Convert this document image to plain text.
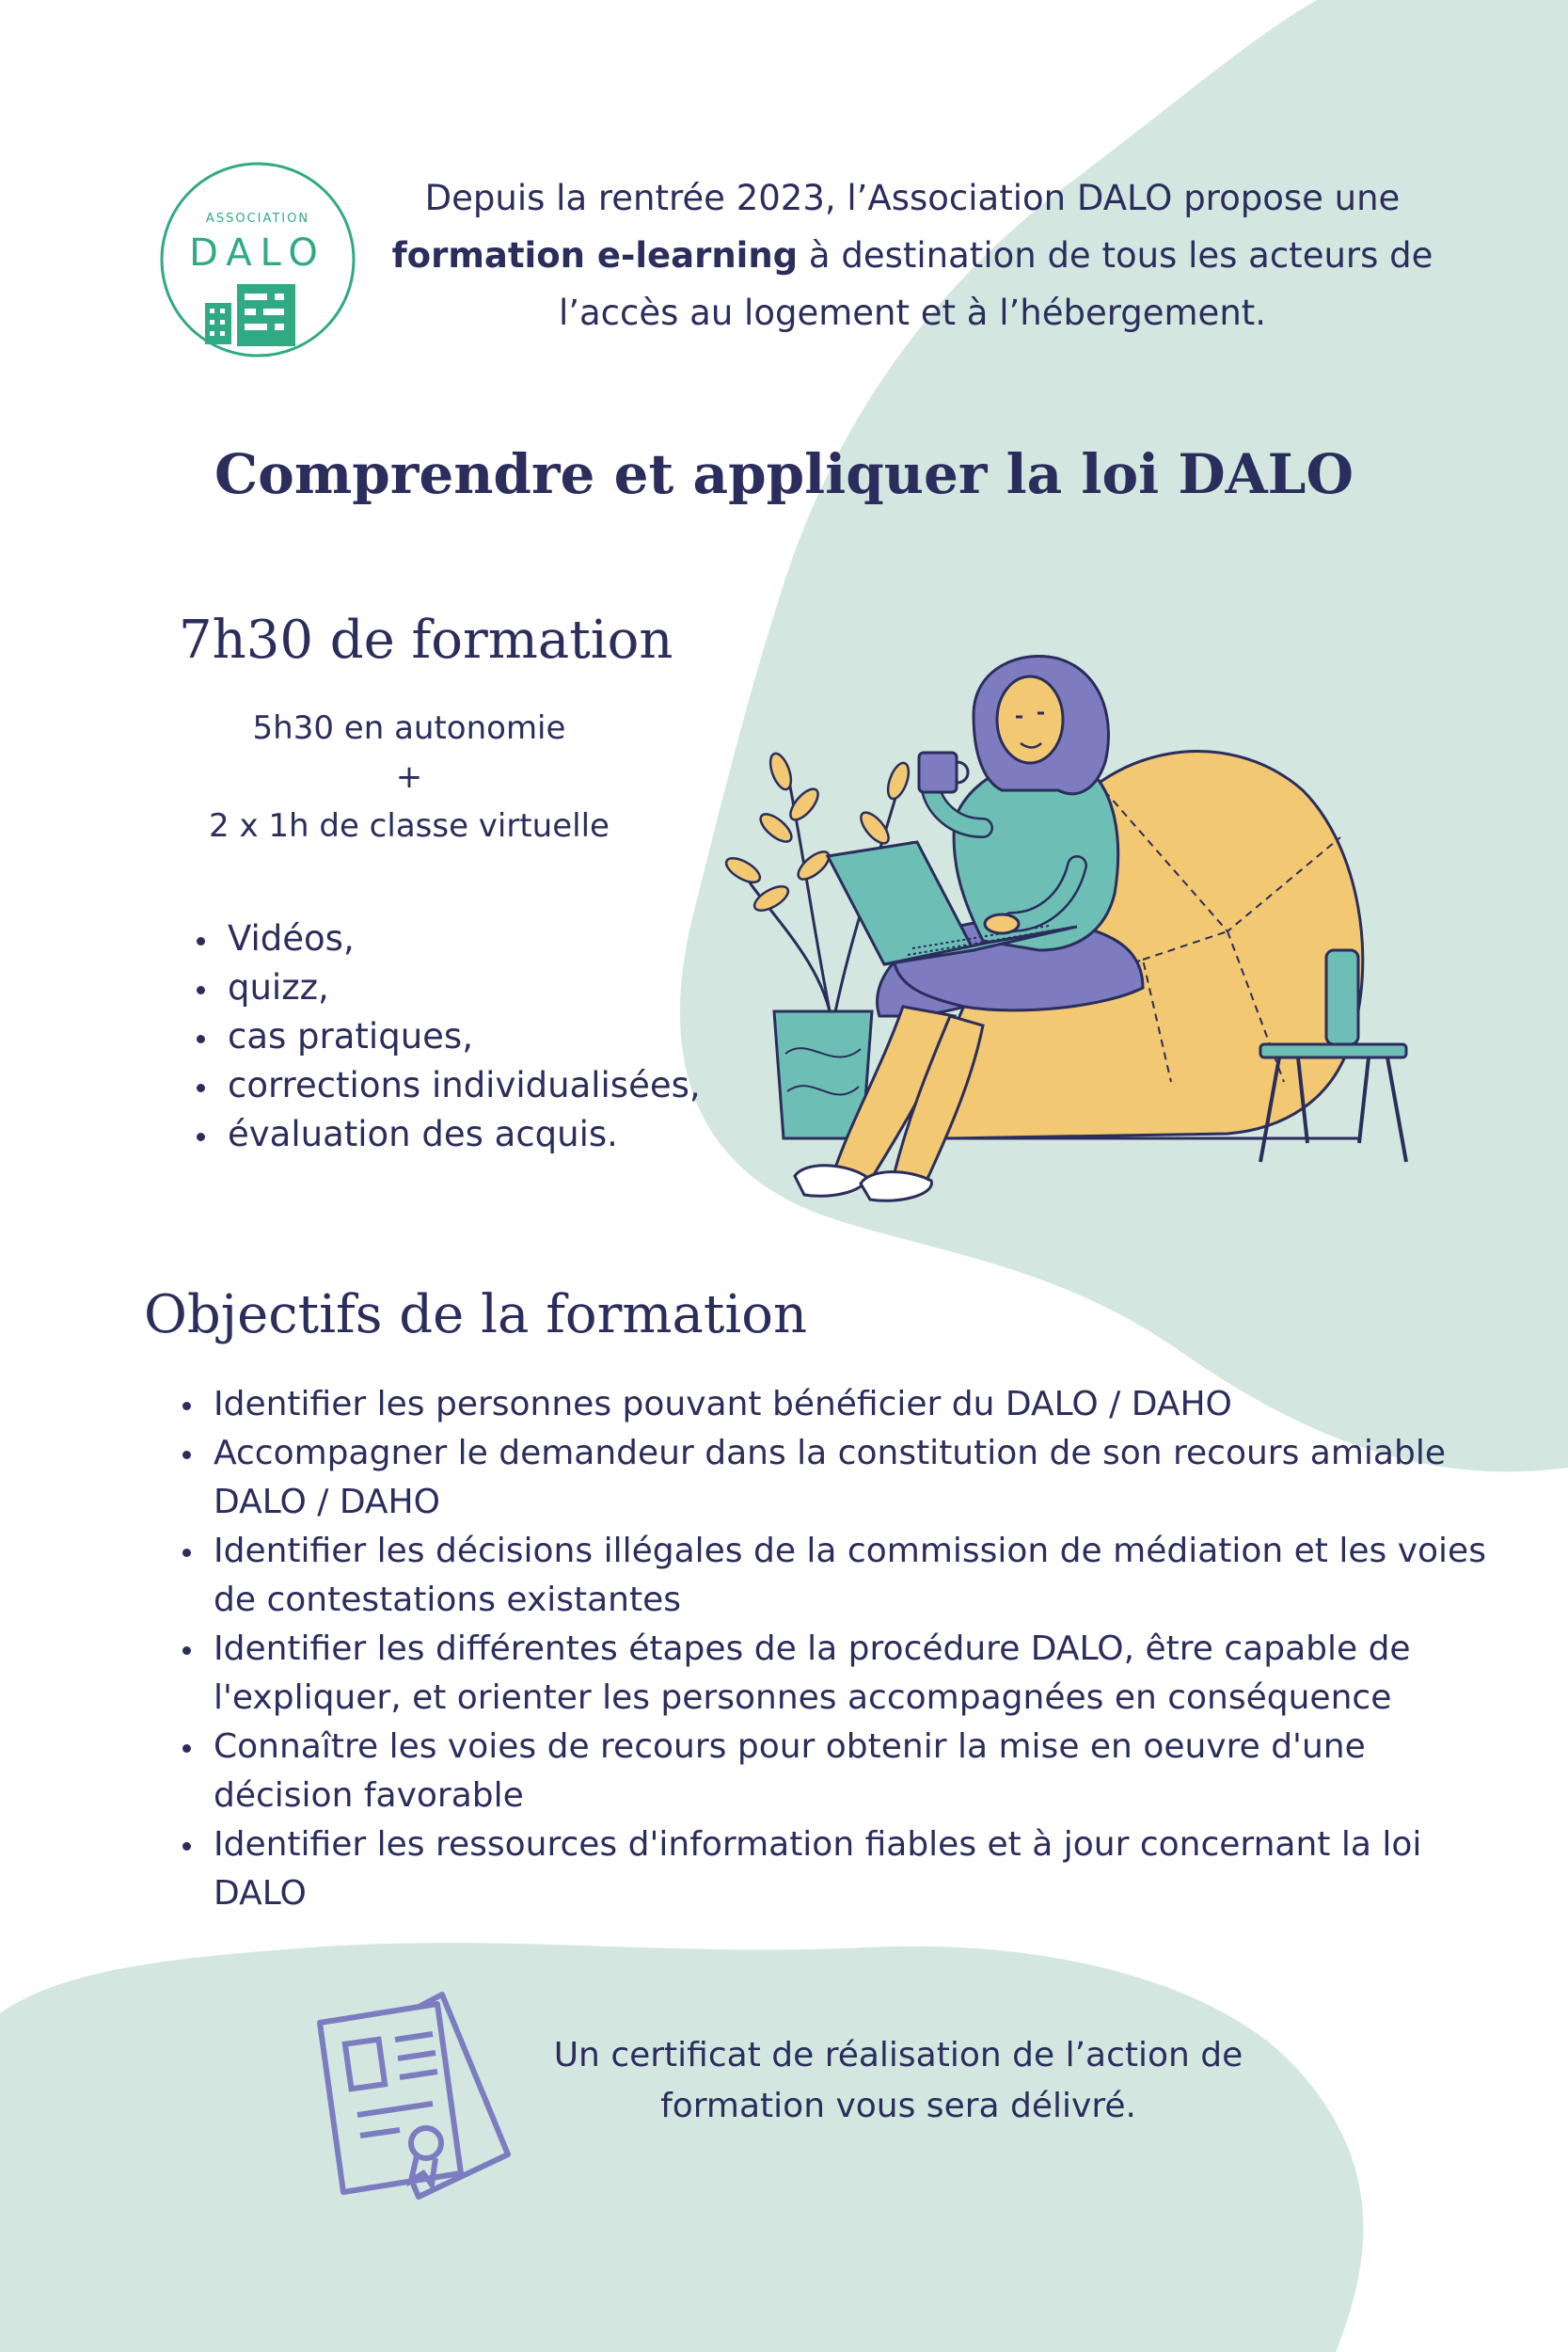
ASSOCIATION
DALO
Depuis la rentrée 2023, l’Association DALO propose une formation e-learning à destination de tous les acteurs de l’accès au logement et à l’hébergement.
Comprendre et appliquer la loi DALO
7h30 de formation
5h30 en autonomie
+
2 x 1h de classe virtuelle
• Vidéos,
• quizz,
• cas pratiques,
• corrections individualisées,
• évaluation des acquis.
Objectifs de la formation
• Identifier les personnes pouvant bénéficier du DALO / DAHO
• Accompagner le demandeur dans la constitution de son recours amiable DALO / DAHO
• Identifier les décisions illégales de la commission de médiation et les voies de contestations existantes
• Identifier les différentes étapes de la procédure DALO, être capable de l'expliquer, et orienter les personnes accompagnées en conséquence
• Connaître les voies de recours pour obtenir la mise en oeuvre d'une décision favorable
• Identifier les ressources d'information fiables et à jour concernant la loi DALO
Un certificat de réalisation de l’action de formation vous sera délivré.
